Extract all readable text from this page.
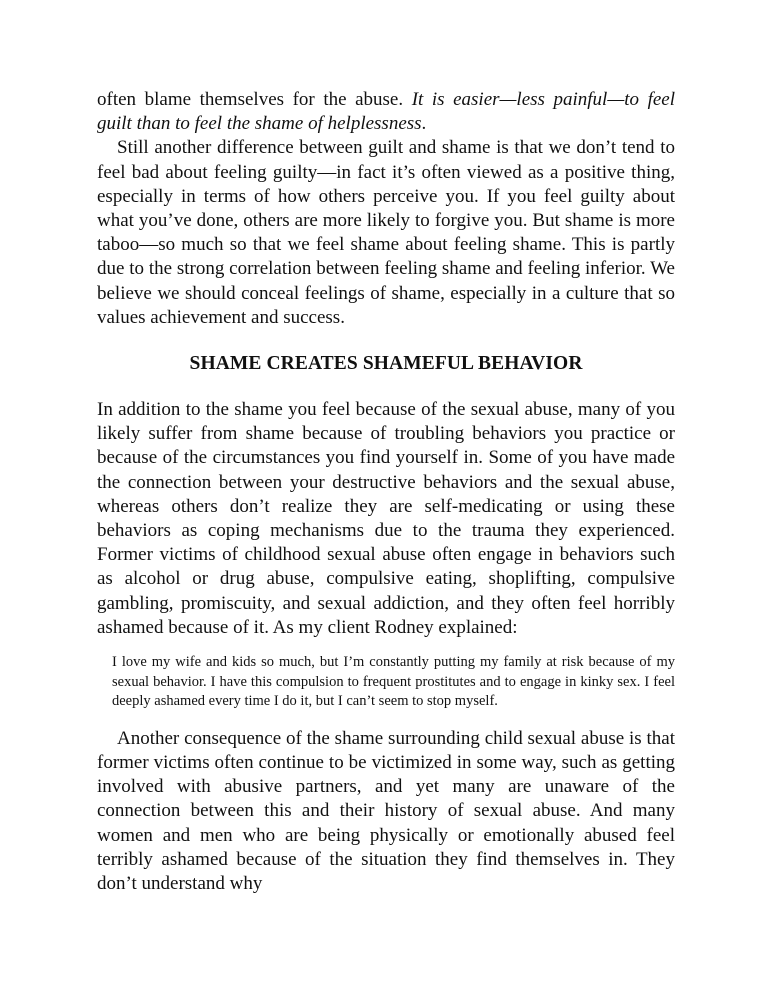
often blame themselves for the abuse. It is easier—less painful—to feel guilt than to feel the shame of helplessness.

Still another difference between guilt and shame is that we don’t tend to feel bad about feeling guilty—in fact it’s often viewed as a positive thing, especially in terms of how others perceive you. If you feel guilty about what you’ve done, others are more likely to forgive you. But shame is more taboo—so much so that we feel shame about feeling shame. This is partly due to the strong correlation between feeling shame and feeling inferior. We believe we should conceal feelings of shame, especially in a culture that so values achievement and success.

SHAME CREATES SHAMEFUL BEHAVIOR

In addition to the shame you feel because of the sexual abuse, many of you likely suffer from shame because of troubling behaviors you practice or because of the circumstances you find yourself in. Some of you have made the connection between your destructive behaviors and the sexual abuse, whereas others don’t realize they are self-medicating or using these behaviors as coping mechanisms due to the trauma they experienced. Former victims of childhood sexual abuse often engage in behaviors such as alcohol or drug abuse, compulsive eating, shoplifting, compulsive gambling, promiscuity, and sexual addiction, and they often feel horribly ashamed because of it. As my client Rodney explained:

I love my wife and kids so much, but I’m constantly putting my family at risk because of my sexual behavior. I have this compulsion to frequent prostitutes and to engage in kinky sex. I feel deeply ashamed every time I do it, but I can’t seem to stop myself.

Another consequence of the shame surrounding child sexual abuse is that former victims often continue to be victimized in some way, such as getting involved with abusive partners, and yet many are unaware of the connection between this and their history of sexual abuse. And many women and men who are being physically or emotionally abused feel terribly ashamed because of the situation they find themselves in. They don’t understand why
